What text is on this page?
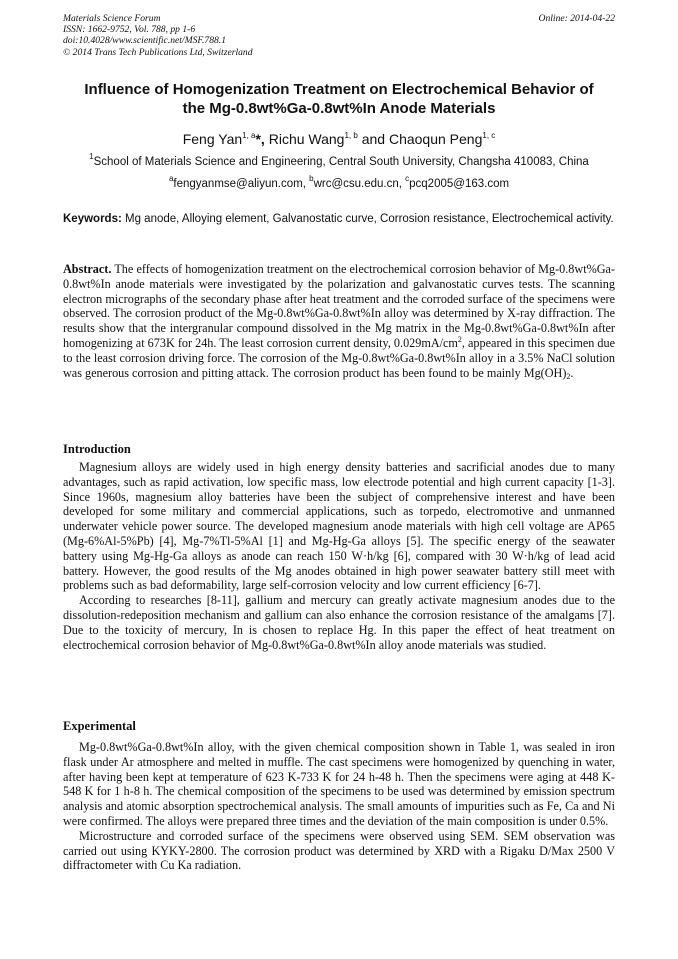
Materials Science Forum
ISSN: 1662-9752, Vol. 788, pp 1-6
doi:10.4028/www.scientific.net/MSF.788.1
© 2014 Trans Tech Publications Ltd, Switzerland
Online: 2014-04-22
Influence of Homogenization Treatment on Electrochemical Behavior of
the Mg-0.8wt%Ga-0.8wt%In Anode Materials
Feng Yan$^{1, a}$*, Richu Wang$^{1, b}$ and Chaoqun Peng$^{1, c}$
$^1$School of Materials Science and Engineering, Central South University, Changsha 410083, China
$^a$fengyanmse@aliyun.com, $^b$wrc@csu.edu.cn, $^c$pcq2005@163.com
Keywords: Mg anode, Alloying element, Galvanostatic curve, Corrosion resistance, Electrochemical activity.
Abstract. The effects of homogenization treatment on the electrochemical corrosion behavior of Mg-0.8wt%Ga-0.8wt%In anode materials were investigated by the polarization and galvanostatic curves tests. The scanning electron micrographs of the secondary phase after heat treatment and the corroded surface of the specimens were observed. The corrosion product of the Mg-0.8wt%Ga-0.8wt%In alloy was determined by X-ray diffraction. The results show that the intergranular compound dissolved in the Mg matrix in the Mg-0.8wt%Ga-0.8wt%In after homogenizing at 673K for 24h. The least corrosion current density, $0.029mA/cm^2$, appeared in this specimen due to the least corrosion driving force. The corrosion of the Mg-0.8wt%Ga-0.8wt%In alloy in a 3.5% NaCl solution was generous corrosion and pitting attack. The corrosion product has been found to be mainly $Mg(OH)_2$.
Introduction

Magnesium alloys are widely used in high energy density batteries and sacrificial anodes due to many advantages, such as rapid activation, low specific mass, low electrode potential and high current capacity [1-3]. Since 1960s, magnesium alloy batteries have been the subject of comprehensive interest and have been developed for some military and commercial applications, such as torpedo, electromotive and unmanned underwater vehicle power source. The developed magnesium anode materials with high cell voltage are AP65 (Mg-6%Al-5%Pb) [4], Mg-7%Tl-5%Al [1] and Mg-Hg-Ga alloys [5]. The specific energy of the seawater battery using Mg-Hg-Ga alloys as anode can reach 150 W·h/kg [6], compared with 30 W·h/kg of lead acid battery. However, the good results of the Mg anodes obtained in high power seawater battery still meet with problems such as bad deformability, large self-corrosion velocity and low current efficiency [6-7].

According to researches [8-11], gallium and mercury can greatly activate magnesium anodes due to the dissolution-redeposition mechanism and gallium can also enhance the corrosion resistance of the amalgams [7]. Due to the toxicity of mercury, In is chosen to replace Hg. In this paper the effect of heat treatment on electrochemical corrosion behavior of Mg-0.8wt%Ga-0.8wt%In alloy anode materials was studied.

Experimental

Mg-0.8wt%Ga-0.8wt%In alloy, with the given chemical composition shown in Table 1, was sealed in iron flask under Ar atmosphere and melted in muffle. The cast specimens were homogenized by quenching in water, after having been kept at temperature of 623 K-733 K for 24 h-48 h. Then the specimens were aging at 448 K-548 K for 1 h-8 h. The chemical composition of the specimens to be used was determined by emission spectrum analysis and atomic absorption spectrochemical analysis. The small amounts of impurities such as Fe, Ca and Ni were confirmed. The alloys were prepared three times and the deviation of the main composition is under 0.5%.

Microstructure and corroded surface of the specimens were observed using SEM. SEM observation was carried out using KYKY-2800. The corrosion product was determined by XRD with a Rigaku D/Max 2500 V diffractometer with Cu Ka radiation.
